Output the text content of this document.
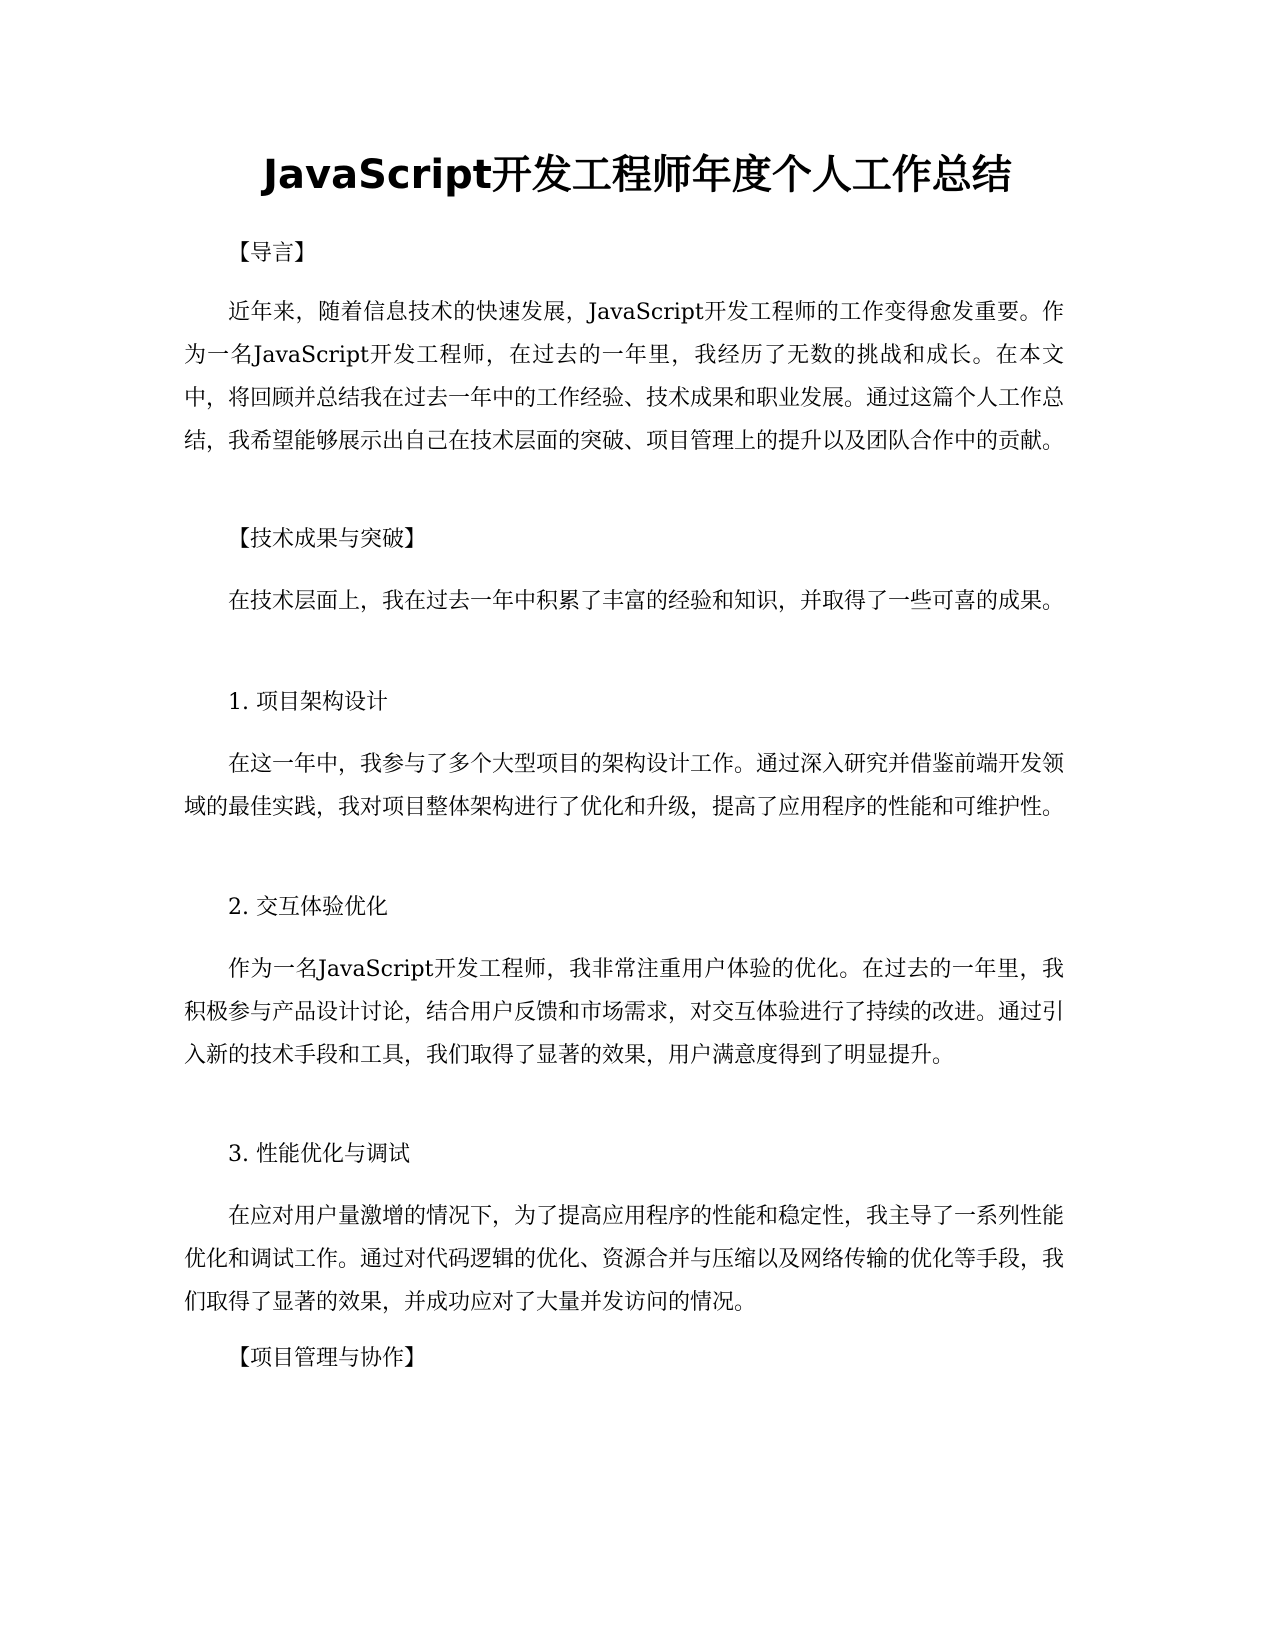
JavaScript开发工程师年度个人工作总结
【导言】

近年来，随着信息技术的快速发展，JavaScript开发工程师的工作变得愈发重要。作为一名JavaScript开发工程师，在过去的一年里，我经历了无数的挑战和成长。在本文中，将回顾并总结我在过去一年中的工作经验、技术成果和职业发展。通过这篇个人工作总结，我希望能够展示出自己在技术层面的突破、项目管理上的提升以及团队合作中的贡献。

【技术成果与突破】

在技术层面上，我在过去一年中积累了丰富的经验和知识，并取得了一些可喜的成果。

1. 项目架构设计

在这一年中，我参与了多个大型项目的架构设计工作。通过深入研究并借鉴前端开发领域的最佳实践，我对项目整体架构进行了优化和升级，提高了应用程序的性能和可维护性。

2. 交互体验优化

作为一名JavaScript开发工程师，我非常注重用户体验的优化。在过去的一年里，我积极参与产品设计讨论，结合用户反馈和市场需求，对交互体验进行了持续的改进。通过引入新的技术手段和工具，我们取得了显著的效果，用户满意度得到了明显提升。

3. 性能优化与调试

在应对用户量激增的情况下，为了提高应用程序的性能和稳定性，我主导了一系列性能优化和调试工作。通过对代码逻辑的优化、资源合并与压缩以及网络传输的优化等手段，我们取得了显著的效果，并成功应对了大量并发访问的情况。

【项目管理与协作】
